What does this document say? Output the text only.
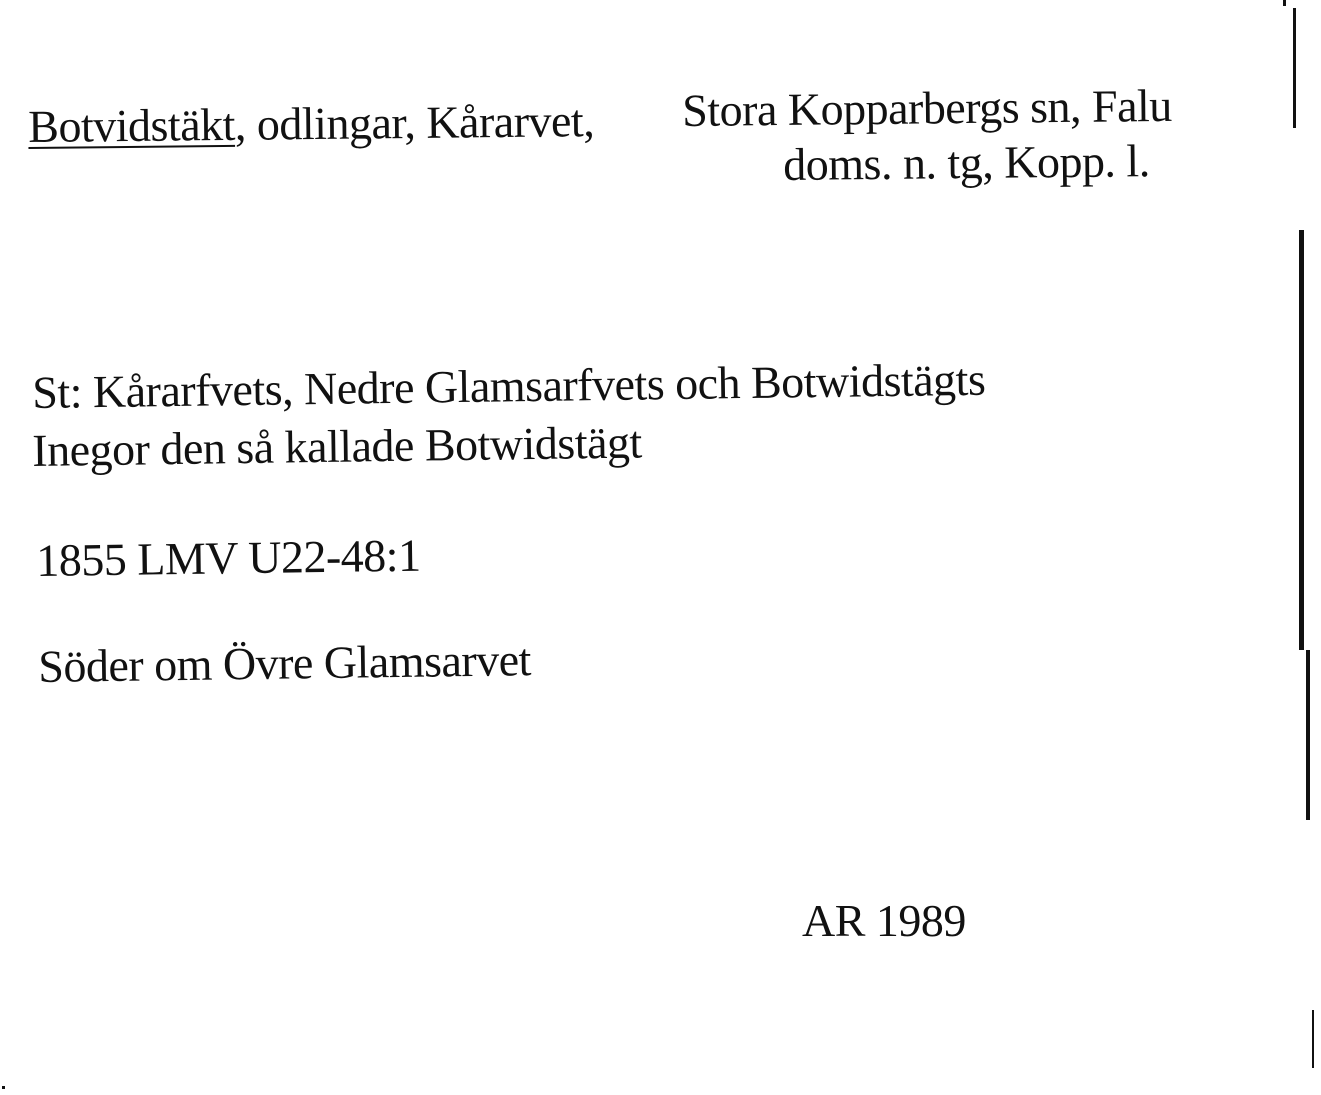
Botvidstäkt, odlingar, Kårarvet, Stora Kopparbergs sn, Falu
doms. n. tg, Kopp. l.
St: Kårarfvets, Nedre Glamsarfvets och Botwidstägts
Inegor den så kallade Botwidstägt
1855 LMV U22-48:1
Söder om Övre Glamsarvet
AR 1989
